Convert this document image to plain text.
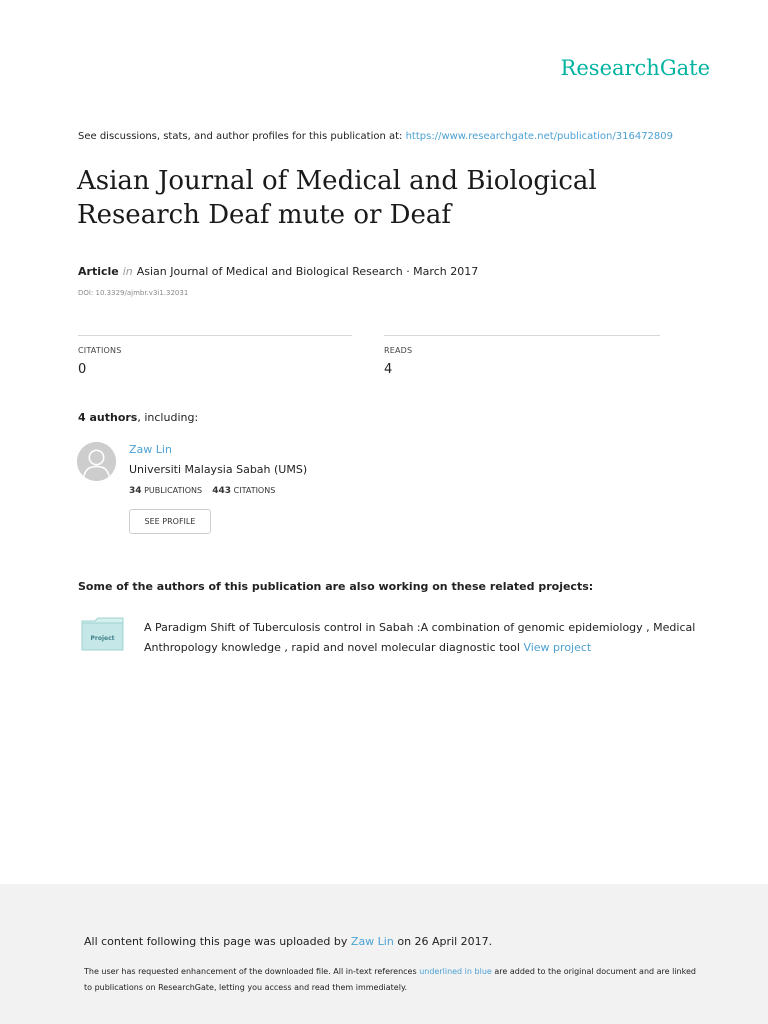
ResearchGate
See discussions, stats, and author profiles for this publication at: https://www.researchgate.net/publication/316472809
Asian Journal of Medical and Biological Research Deaf mute or Deaf
Article in Asian Journal of Medical and Biological Research · March 2017
DOI: 10.3329/ajmbr.v3i1.32031
CITATIONS	READS
0	4
4 authors, including:
Zaw Lin
Universiti Malaysia Sabah (UMS)
34 PUBLICATIONS 443 CITATIONS
SEE PROFILE
Some of the authors of this publication are also working on these related projects:
Project
A Paradigm Shift of Tuberculosis control in Sabah :A combination of genomic epidemiology , Medical Anthropology knowledge , rapid and novel molecular diagnostic tool View project
All content following this page was uploaded by Zaw Lin on 26 April 2017.
The user has requested enhancement of the downloaded file. All in-text references underlined in blue are added to the original document and are linked to publications on ResearchGate, letting you access and read them immediately.
